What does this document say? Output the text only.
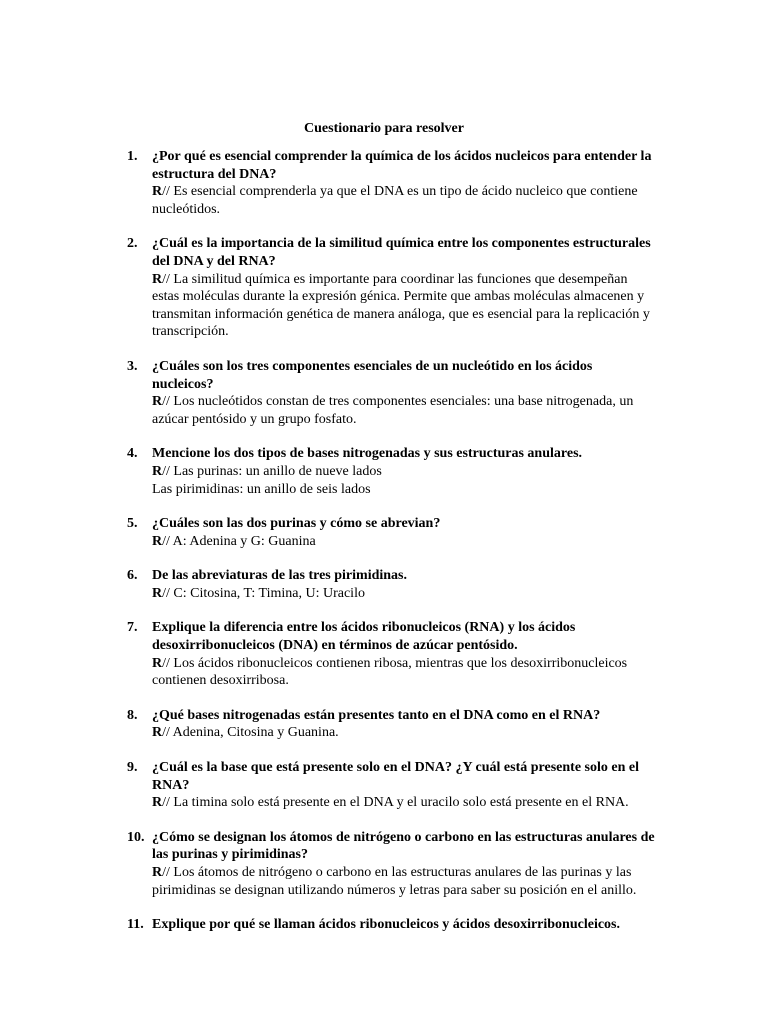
Cuestionario para resolver
1. ¿Por qué es esencial comprender la química de los ácidos nucleicos para entender la estructura del DNA?
R// Es esencial comprenderla ya que el DNA es un tipo de ácido nucleico que contiene nucleótidos.
2. ¿Cuál es la importancia de la similitud química entre los componentes estructurales del DNA y del RNA?
R// La similitud química es importante para coordinar las funciones que desempeñan estas moléculas durante la expresión génica. Permite que ambas moléculas almacenen y transmitan información genética de manera análoga, que es esencial para la replicación y transcripción.
3. ¿Cuáles son los tres componentes esenciales de un nucleótido en los ácidos nucleicos?
R// Los nucleótidos constan de tres componentes esenciales: una base nitrogenada, un azúcar pentósido y un grupo fosfato.
4. Mencione los dos tipos de bases nitrogenadas y sus estructuras anulares.
R// Las purinas: un anillo de nueve lados
Las pirimidinas: un anillo de seis lados
5. ¿Cuáles son las dos purinas y cómo se abrevian?
R// A: Adenina y G: Guanina
6. De las abreviaturas de las tres pirimidinas.
R// C: Citosina, T: Timina, U: Uracilo
7. Explique la diferencia entre los ácidos ribonucleicos (RNA) y los ácidos desoxirribonucleicos (DNA) en términos de azúcar pentósido.
R// Los ácidos ribonucleicos contienen ribosa, mientras que los desoxirribonucleicos contienen desoxirribosa.
8. ¿Qué bases nitrogenadas están presentes tanto en el DNA como en el RNA?
R// Adenina, Citosina y Guanina.
9. ¿Cuál es la base que está presente solo en el DNA? ¿Y cuál está presente solo en el RNA?
R// La timina solo está presente en el DNA y el uracilo solo está presente en el RNA.
10. ¿Cómo se designan los átomos de nitrógeno o carbono en las estructuras anulares de las purinas y pirimidinas?
R// Los átomos de nitrógeno o carbono en las estructuras anulares de las purinas y las pirimidinas se designan utilizando números y letras para saber su posición en el anillo.
11. Explique por qué se llaman ácidos ribonucleicos y ácidos desoxirribonucleicos.
